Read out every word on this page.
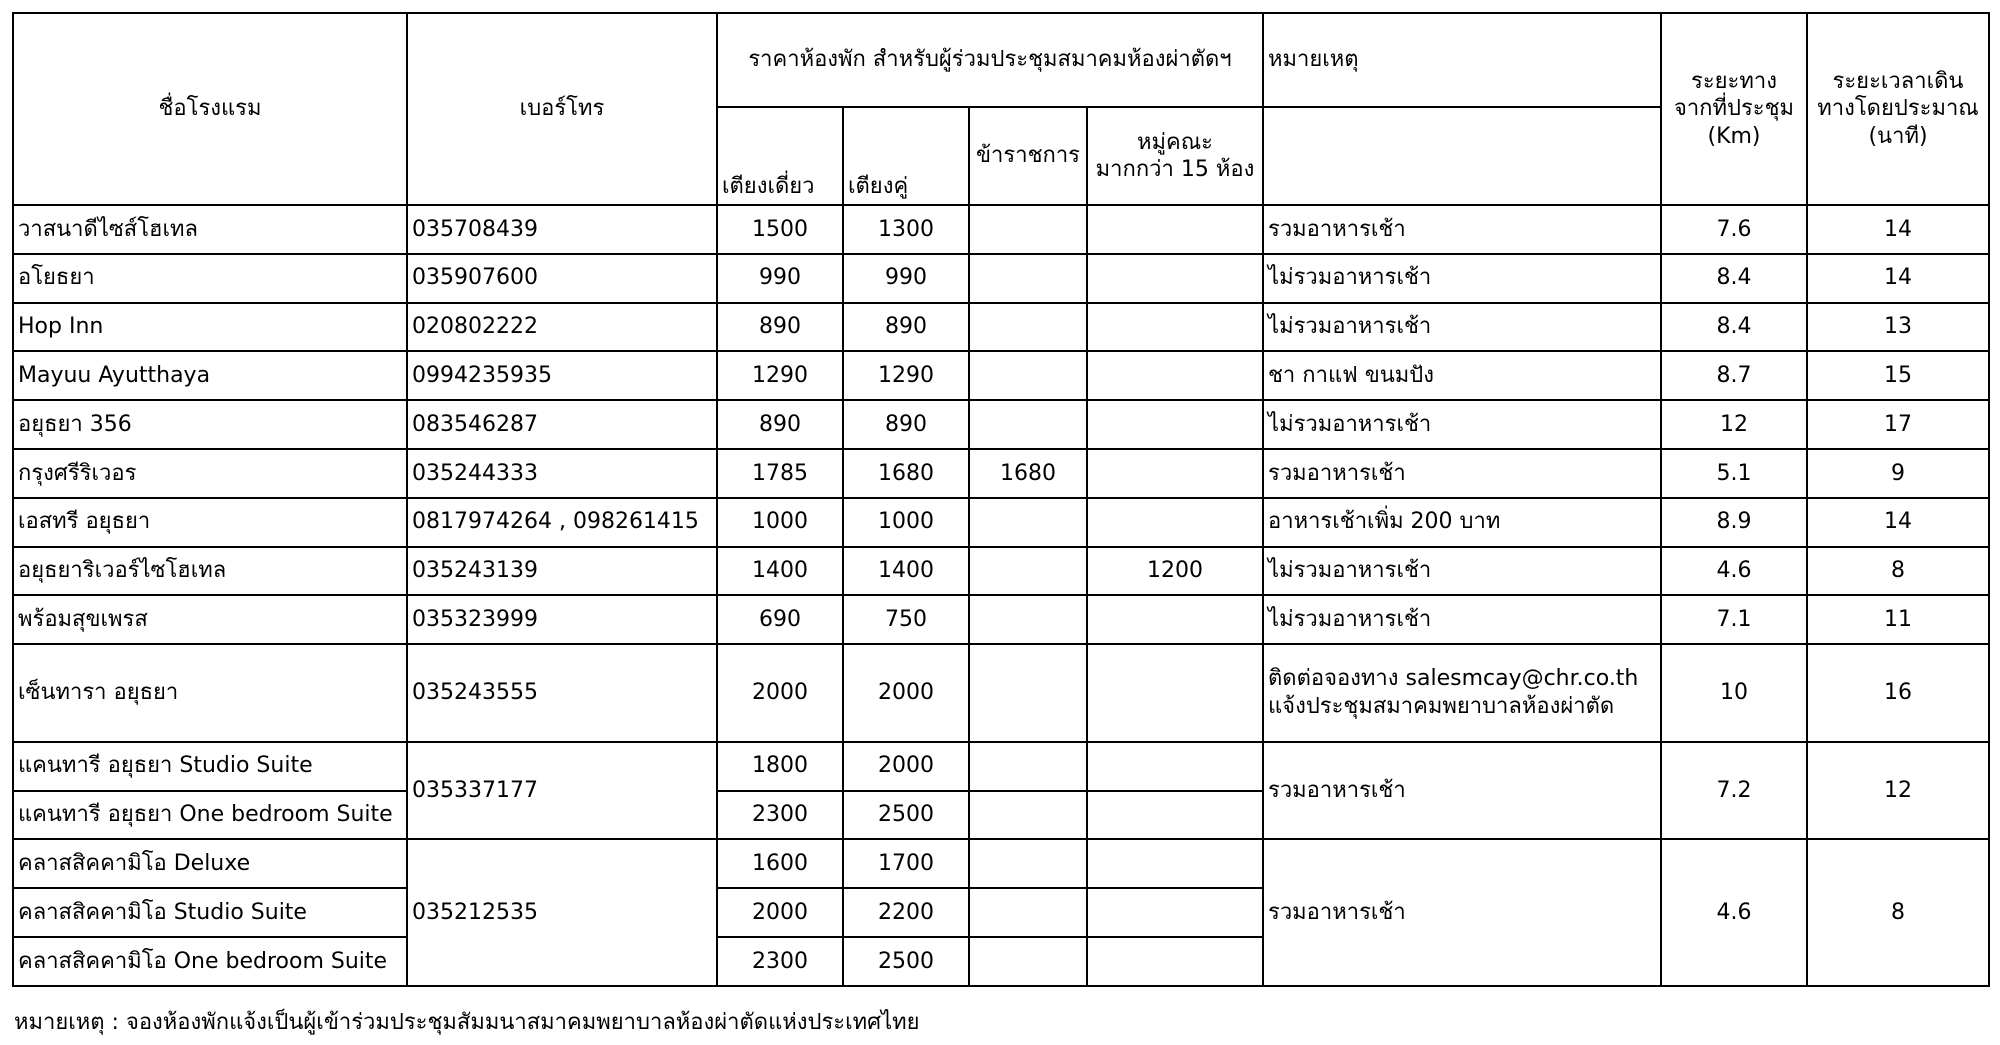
ชื่อโรงแรม	เบอร์โทร	ราคาห้องพัก สำหรับผู้ร่วมประชุมสมาคมห้องผ่าตัดฯ				หมายเหตุ	ระยะทาง
จากที่ประชุม
(Km)	ระยะเวลาเดิน
ทางโดยประมาณ
(นาที)

		เตียงเดี่ยว	เตียงคู่	ข้าราชการ	หมู่คณะ
มากกว่า 15 ห้อง			

วาสนาดีไซส์โฮเทล	035708439	1500	1300			รวมอาหารเช้า	7.6	14
อโยธยา	035907600	990	990			ไม่รวมอาหารเช้า	8.4	14
Hop Inn	020802222	890	890			ไม่รวมอาหารเช้า	8.4	13
Mayuu Ayutthaya	0994235935	1290	1290			ชา กาแฟ ขนมปัง	8.7	15
อยุธยา 356	083546287	890	890			ไม่รวมอาหารเช้า	12	17
กรุงศรีริเวอร	035244333	1785	1680	1680		รวมอาหารเช้า	5.1	9
เอสทรี อยุธยา	0817974264 , 098261415	1000	1000			อาหารเช้าเพิ่ม 200 บาท	8.9	14
อยุธยาริเวอร์ไซโฮเทล	035243139	1400	1400		1200	ไม่รวมอาหารเช้า	4.6	8
พร้อมสุขเพรส	035323999	690	750			ไม่รวมอาหารเช้า	7.1	11
เซ็นทารา อยุธยา	035243555	2000	2000			ติดต่อจองทาง salesmcay@chr.co.th
แจ้งประชุมสมาคมพยาบาลห้องผ่าตัด	10	16
แคนทารี อยุธยา Studio Suite	035337177	1800	2000			รวมอาหารเช้า	7.2	12
แคนทารี อยุธยา One bedroom Suite		2300	2500					
คลาสสิคคามิโอ Deluxe	035212535	1600	1700			รวมอาหารเช้า	4.6	8
คลาสสิคคามิโอ Studio Suite		2000	2200					
คลาสสิคคามิโอ One bedroom Suite		2300	2500					
หมายเหตุ : จองห้องพักแจ้งเป็นผู้เข้าร่วมประชุมสัมมนาสมาคมพยาบาลห้องผ่าตัดแห่งประเทศไทย
